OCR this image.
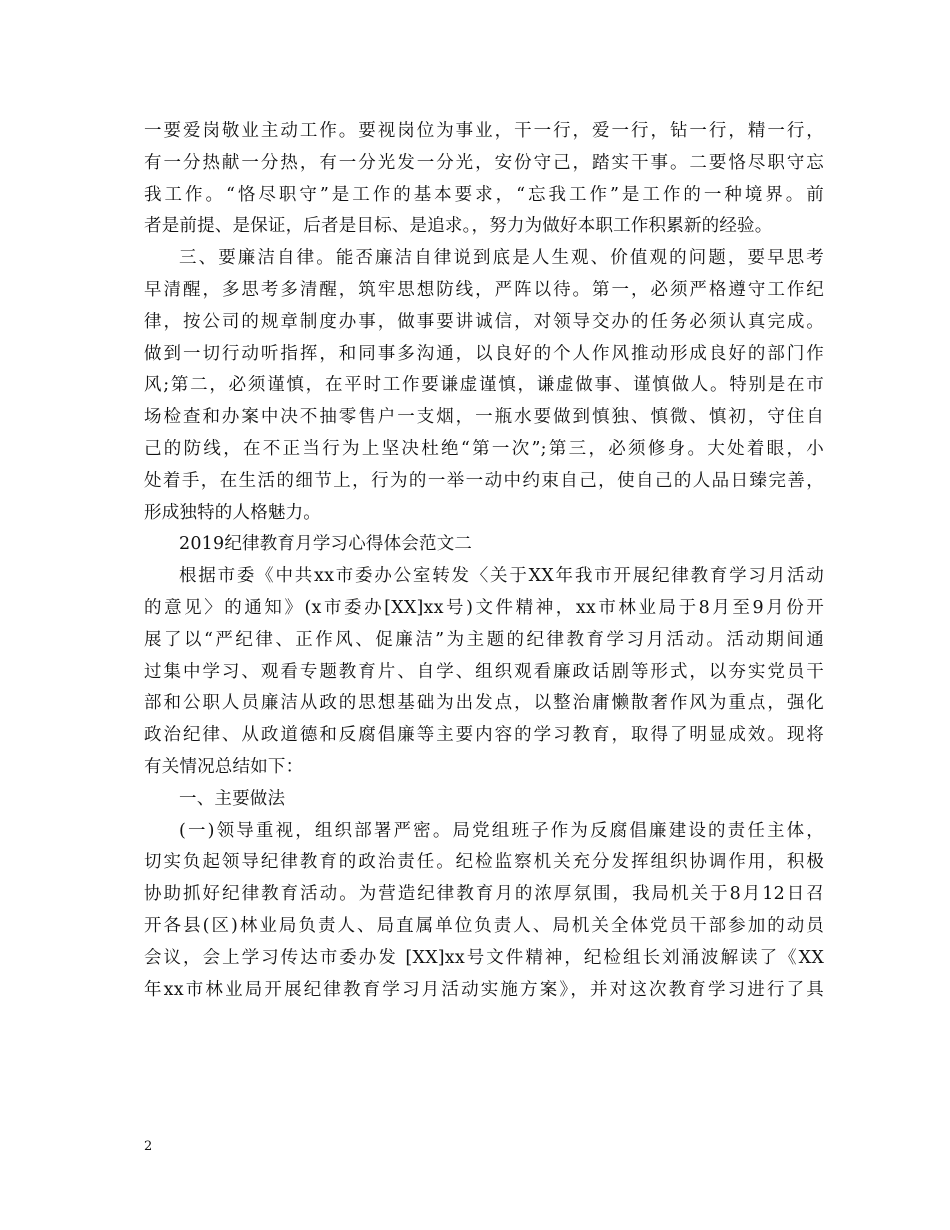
一要爱岗敬业主动工作。要视岗位为事业，干一行，爱一行，钻一行，精一行，
有一分热献一分热，有一分光发一分光，安份守己，踏实干事。二要恪尽职守忘
我工作。“恪尽职守”是工作的基本要求，“忘我工作”是工作的一种境界。前
者是前提、是保证，后者是目标、是追求。，努力为做好本职工作积累新的经验。
三、要廉洁自律。能否廉洁自律说到底是人生观、价值观的问题，要早思考
早清醒，多思考多清醒，筑牢思想防线，严阵以待。第一，必须严格遵守工作纪
律，按公司的规章制度办事，做事要讲诚信，对领导交办的任务必须认真完成。
做到一切行动听指挥，和同事多沟通，以良好的个人作风推动形成良好的部门作
风;第二，必须谨慎，在平时工作要谦虚谨慎，谦虚做事、谨慎做人。特别是在市
场检查和办案中决不抽零售户一支烟，一瓶水要做到慎独、慎微、慎初，守住自
己的防线，在不正当行为上坚决杜绝“第一次”;第三，必须修身。大处着眼，小
处着手，在生活的细节上，行为的一举一动中约束自己，使自己的人品日臻完善，
形成独特的人格魅力。
2019纪律教育月学习心得体会范文二
根据市委《中共xx市委办公室转发〈关于XX年我市开展纪律教育学习月活动
的意见〉的通知》(x市委办[XX]xx号)文件精神，xx市林业局于8月至9月份开
展了以“严纪律、正作风、促廉洁”为主题的纪律教育学习月活动。活动期间通
过集中学习、观看专题教育片、自学、组织观看廉政话剧等形式，以夯实党员干
部和公职人员廉洁从政的思想基础为出发点，以整治庸懒散奢作风为重点，强化
政治纪律、从政道德和反腐倡廉等主要内容的学习教育，取得了明显成效。现将
有关情况总结如下：
一、主要做法
(一)领导重视，组织部署严密。局党组班子作为反腐倡廉建设的责任主体，
切实负起领导纪律教育的政治责任。纪检监察机关充分发挥组织协调作用，积极
协助抓好纪律教育活动。为营造纪律教育月的浓厚氛围，我局机关于8月12日召
开各县(区)林业局负责人、局直属单位负责人、局机关全体党员干部参加的动员
会议，会上学习传达市委办发 [XX]xx号文件精神，纪检组长刘涌波解读了《XX
年xx市林业局开展纪律教育学习月活动实施方案》，并对这次教育学习进行了具
2
